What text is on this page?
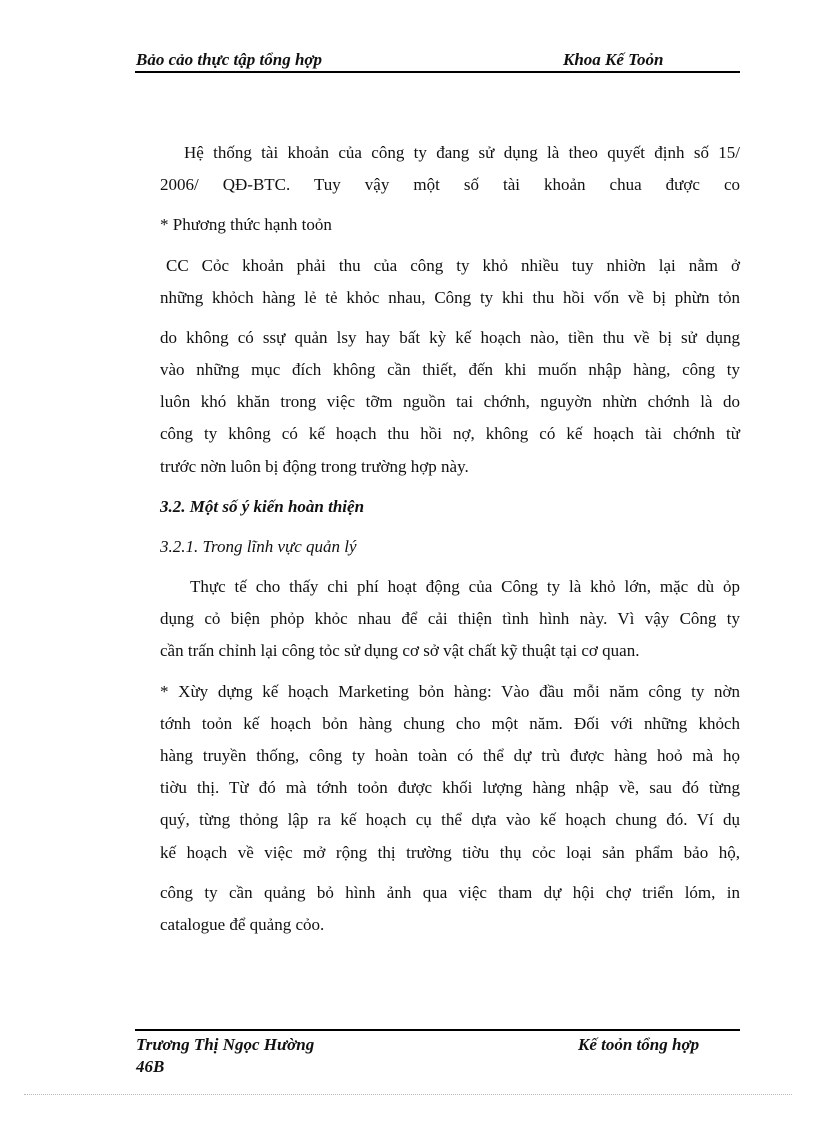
Bảo cảo thực tập tổng hợp	Khoa Kế Toỏn
Hệ thống tài khoản của công ty đang sử dụng là theo quyết định số 15/
2006/ QĐ-BTC. Tuy vậy một số tài khoản chua được co
* Phương thức hạnh toỏn
CC Cỏc khoản phải thu của công ty khỏ nhiều tuy nhiờn lại nằm ở
những khỏch hàng lẻ tẻ khỏc nhau, Công ty khi thu hồi vốn về bị phừn tỏn
do không có ssự quản lsy hay bất kỳ kế hoạch nào, tiền thu về bị sử dụng
vào những mục đích không cần thiết, đến khi muốn nhập hàng, công ty
luôn khó khăn trong việc tỡm nguồn tai chớnh, nguyờn nhừn chớnh là do
công ty không có kế hoạch thu hồi nợ, không có kế hoạch tài chớnh từ
trước nờn luôn bị động trong trường hợp này.
3.2. Một số ý kiến hoàn thiện
3.2.1. Trong lĩnh vực quản lý
Thực tế cho thấy chi phí hoạt động của Công ty là khỏ lớn, mặc dù ỏp
dụng cỏ biện phỏp khỏc nhau để cải thiện tình hình này. Vì vậy Công ty
cần trấn chỉnh lại công tỏc sử dụng cơ sở vật chất kỹ thuật tại cơ quan.
* Xừy dựng kế hoạch Marketing bỏn hàng: Vào đầu mỗi năm công ty nờn
tớnh toỏn kế hoạch bỏn hàng chung cho một năm. Đối với những khỏch
hàng truyền thống, công ty hoàn toàn có thể dự trù được hàng hoỏ mà họ
tiờu thị. Từ đó mà tớnh toỏn được khối lượng hàng nhập về, sau đó từng
quý, từng thỏng lập ra kế hoạch cụ thể dựa vào kế hoạch chung đó. Ví dụ
kế hoạch về việc mở rộng thị trường tiờu thụ cỏc loại sản phẩm bảo hộ,
công ty cần quảng bỏ hình ảnh qua việc tham dự hội chợ triển lóm, in
catalogue để quảng cỏo.
Trương Thị Ngọc Hường
46B
Kế toỏn tổng hợp
